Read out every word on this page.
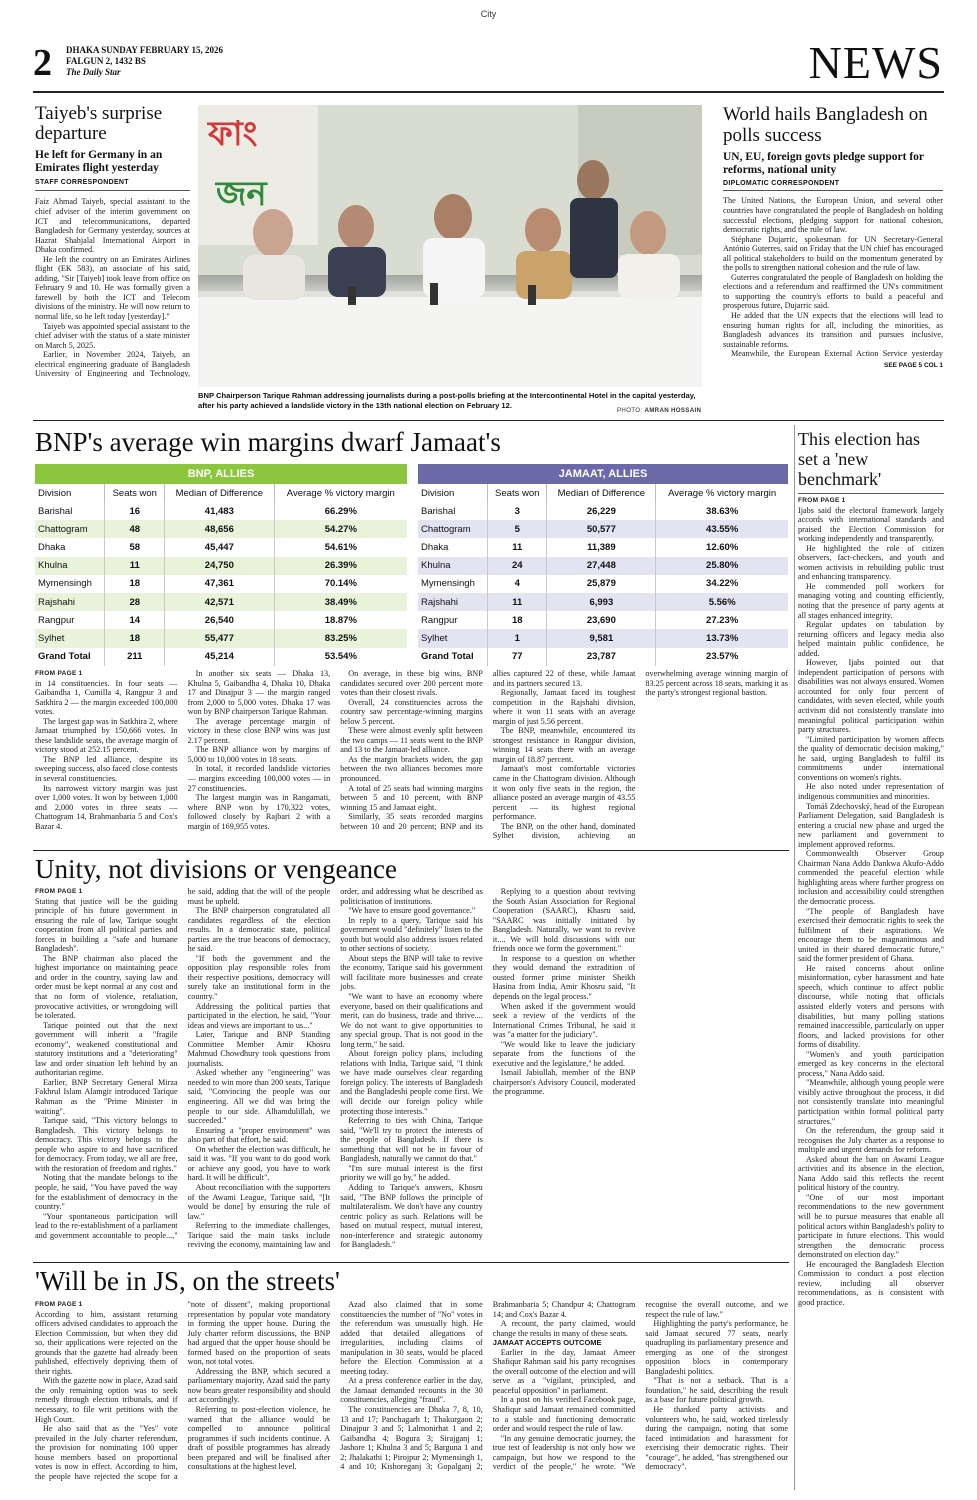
City
2 DHAKA SUNDAY FEBRUARY 15, 2026
FALGUN 2, 1432 BS
The Daily Star	NEWS
Taiyeb's surprise departure
He left for Germany in an Emirates flight yesterday
STAFF CORRESPONDENT

Faiz Ahmad Taiyeb, special assistant to the chief adviser of the interim government on ICT and telecommunications, departed Bangladesh for Germany yesterday, sources at Hazrat Shahjalal International Airport in Dhaka confirmed.

He left the country on an Emirates Airlines flight (EK 583), an associate of his said, adding, "Sir [Taiyeb] took leave from office on February 9 and 10. He was formally given a farewell by both the ICT and Telecom divisions of the ministry. He will now return to normal life, so he left today [yesterday]."

Taiyeb was appointed special assistant to the chief adviser with the status of a state minister on March 5, 2025.

Earlier, in November 2024, Taiyeb, an electrical engineering graduate of Bangladesh University of Engineering and Technology,

ফাং
জন
BNP Chairperson Tarique Rahman addressing journalists during a post-polls briefing at the Intercontinental Hotel in the capital yesterday, after his party achieved a landslide victory in the 13th national election on February 12.
PHOTO: AMRAN HOSSAIN
World hails Bangladesh on polls success
UN, EU, foreign govts pledge support for reforms, national unity
DIPLOMATIC CORRESPONDENT

The United Nations, the European Union, and several other countries have congratulated the people of Bangladesh on holding successful elections, pledging support for national cohesion, democratic rights, and the rule of law.

Stéphane Dujarric, spokesman for UN Secretary-General António Guterres, said on Friday that the UN chief has encouraged all political stakeholders to build on the momentum generated by the polls to strengthen national cohesion and the rule of law.

Guterres congratulated the people of Bangladesh on holding the elections and a referendum and reaffirmed the UN's commitment to supporting the country's efforts to build a peaceful and prosperous future, Dujarric said.

He added that the UN expects that the elections will lead to ensuring human rights for all, including the minorities, as Bangladesh advances its transition and pursues inclusive, sustainable reforms.

Meanwhile, the European External Action Service yesterday

SEE PAGE 5 COL 1
BNP's average win margins dwarf Jamaat's
BNP, ALLIES
Division	Seats won	Median of Difference	Average % victory margin
Barishal	16	41,483	66.29%
Chattogram	48	48,656	54.27%
Dhaka	58	45,447	54.61%
Khulna	11	24,750	26.39%
Mymensingh	18	47,361	70.14%
Rajshahi	28	42,571	38.49%
Rangpur	14	26,540	18.87%
Sylhet	18	55,477	83.25%
Grand Total	211	45,214	53.54%
JAMAAT, ALLIES
Division	Seats won	Median of Difference	Average % victory margin
Barishal	3	26,229	38.63%
Chattogram	5	50,577	43.55%
Dhaka	11	11,389	12.60%
Khulna	24	27,448	25.80%
Mymensingh	4	25,879	34.22%
Rajshahi	11	6,993	5.56%
Rangpur	18	23,690	27.23%
Sylhet	1	9,581	13.73%
Grand Total	77	23,787	23.57%
FROM PAGE 1

in 14 constituencies. In four seats — Gaibandha 1, Cumilla 4, Rangpur 3 and Satkhira 2 — the margin exceeded 100,000 votes.

The largest gap was in Satkhira 2, where Jamaat triumphed by 150,666 votes. In these landslide seats, the average margin of victory stood at 252.15 percent.

The BNP led alliance, despite its sweeping success, also faced close contests in several constituencies.

Its narrowest victory margin was just over 1,000 votes. It won by between 1,000 and 2,000 votes in three seats — Chattogram 14, Brahmanbaria 5 and Cox's Bazar 4.

In another six seats — Dhaka 13, Khulna 5, Gaibandha 4, Dhaka 10, Dhaka 17 and Dinajpur 3 — the margin ranged from 2,000 to 5,000 votes. Dhaka 17 was won by BNP chairperson Tarique Rahman.

The average percentage margin of victory in these close BNP wins was just 2.17 percent.

The BNP alliance won by margins of 5,000 to 10,000 votes in 18 seats.

In total, it recorded landslide victories — margins exceeding 100,000 votes — in 27 constituencies.

The largest margin was in Rangamati, where BNP won by 170,322 votes, followed closely by Rajbari 2 with a margin of 169,955 votes.

On average, in these big wins, BNP candidates secured over 200 percent more votes than their closest rivals.

Overall, 24 constituencies across the country saw percentage-winning margins below 5 percent.

These were almost evenly split between the two camps — 11 seats went to the BNP and 13 to the Jamaat-led alliance.

As the margin brackets widen, the gap between the two alliances becomes more pronounced.

A total of 25 seats had winning margins between 5 and 10 percent, with BNP winning 15 and Jamaat eight.

Similarly, 35 seats recorded margins between 10 and 20 percent; BNP and its allies captured 22 of these, while Jamaat and its partners secured 13.

Regionally, Jamaat faced its toughest competition in the Rajshahi division, where it won 11 seats with an average margin of just 5.56 percent.

The BNP, meanwhile, encountered its strongest resistance in Rangpur division, winning 14 seats there with an average margin of 18.87 percent.

Jamaat's most comfortable victories came in the Chattogram division. Although it won only five seats in the region, the alliance posted an average margin of 43.55 percent — its highest regional performance.

The BNP, on the other hand, dominated Sylhet division, achieving an overwhelming average winning margin of 83.25 percent across 18 seats, marking it as the party's strongest regional bastion.

Unity, not divisions or vengeance
FROM PAGE 1

Stating that justice will be the guiding principle of his future government in ensuring the rule of law, Tarique sought cooperation from all political parties and forces in building a "safe and humane Bangladesh".

The BNP chairman also placed the highest importance on maintaining peace and order in the country, saying law and order must be kept normal at any cost and that no form of violence, retaliation, provocative activities, or wrongdoing will be tolerated.

Tarique pointed out that the next government will inherit a "fragile economy", weakened constitutional and statutory institutions and a "deteriorating" law and order situation left behind by an authoritarian regime.

Earlier, BNP Secretary General Mirza Fakhrul Islam Alamgir introduced Tarique Rahman as the "Prime Minister in waiting".

Tarique said, "This victory belongs to Bangladesh. This victory belongs to democracy. This victory belongs to the people who aspire to and have sacrificed for democracy. From today, we all are free, with the restoration of freedom and rights."

Noting that the mandate belongs to the people, he said, "You have paved the way for the establishment of democracy in the country."

"Your spontaneous participation will lead to the re-establishment of a parliament and government accountable to people...," he said, adding that the will of the people must be upheld.

The BNP chairperson congratulated all candidates regardless of the election results. In a democratic state, political parties are the true beacons of democracy, he said.

"If both the government and the opposition play responsible roles from their respective positions, democracy will surely take an institutional form in the country."

Addressing the political parties that participated in the election, he said, "Your ideas and views are important to us..."

Later, Tarique and BNP Standing Committee Member Amir Khosru Mahmud Chowdhury took questions from journalists.

Asked whether any "engineering" was needed to win more than 200 seats, Tarique said, "Convincing the people was our engineering. All we did was bring the people to our side. Alhamdulillah, we succeeded."

Ensuring a "proper environment" was also part of that effort, he said.

On whether the election was difficult, he said it was. "If you want to do good work or achieve any good, you have to work hard. It will be difficult".

About reconciliation with the supporters of the Awami League, Tarique said, "[It would be done] by ensuring the rule of law."

Referring to the immediate challenges, Tarique said the main tasks include reviving the economy, maintaining law and order, and addressing what he described as politicisation of institutions.

"We have to ensure good governance."

In reply to a query, Tarique said his government would "definitely" listen to the youth but would also address issues related to other sections of society.

About steps the BNP will take to revive the economy, Tarique said his government will facilitate more businesses and create jobs.

"We want to have an economy where everyone, based on their qualifications and merit, can do business, trade and thrive.... We do not want to give opportunities to any special group. That is not good in the long term," he said.

About foreign policy plans, including relations with India, Tarique said, "I think we have made ourselves clear regarding foreign policy. The interests of Bangladesh and the Bangladeshi people come first. We will decide our foreign policy while protecting those interests."

Referring to ties with China, Tarique said, "We'll try to protect the interests of the people of Bangladesh. If there is something that will not be in favour of Bangladesh, naturally we cannot do that."

"I'm sure mutual interest is the first priority we will go by," he added.

Adding to Tarique's answers, Khosru said, "The BNP follows the principle of multilateralism. We don't have any country centric policy as such. Relations will be based on mutual respect, mutual interest, non-interference and strategic autonomy for Bangladesh."

Replying to a question about reviving the South Asian Association for Regional Cooperation (SAARC), Khasru said, "SAARC was initially initiated by Bangladesh. Naturally, we want to revive it.... We will hold discussions with our friends once we form the government."

In response to a question on whether they would demand the extradition of ousted former prime minister Sheikh Hasina from India, Amir Khosru said, "It depends on the legal process."

When asked if the government would seek a review of the verdicts of the International Crimes Tribunal, he said it was "a matter for the judiciary".

"We would like to leave the judiciary separate from the functions of the executive and the legislature," he added.

Ismail Jabiullah, member of the BNP chairperson's Advisory Council, moderated the programme.

'Will be in JS, on the streets'
FROM PAGE 1

According to him, assistant returning officers advised candidates to approach the Election Commission, but when they did so, their applications were rejected on the grounds that the gazette had already been published, effectively depriving them of their rights.

With the gazette now in place, Azad said the only remaining option was to seek remedy through election tribunals, and if necessary, to file writ petitions with the High Court.

He also said that as the "Yes" vote prevailed in the July charter referendum, the provision for nominating 100 upper house members based on proportional votes is now in effect. According to him, the people have rejected the scope for a "note of dissent", making proportional representation by popular vote mandatory in forming the upper house. During the July charter reform discussions, the BNP had argued that the upper house should be formed based on the proportion of seats won, not total votes.

Addressing the BNP, which secured a parliamentary majority, Azad said the party now bears greater responsibility and should act accordingly.

Referring to post-election violence, he warned that the alliance would be compelled to announce political programmes if such incidents continue. A draft of possible programmes has already been prepared and will be finalised after consultations at the highest level.

Azad also claimed that in some constituencies the number of "No" votes in the referendum was unusually high. He added that detailed allegations of irregularities, including claims of manipulation in 30 seats, would be placed before the Election Commission at a meeting today.

At a press conference earlier in the day, the Jamaat demanded recounts in the 30 constituencies, alleging "fraud".

The constituencies are Dhaka 7, 8, 10, 13 and 17; Panchagarh 1; Thakurgaon 2; Dinajpur 3 and 5; Lalmonirhat 1 and 2; Gaibandha 4; Bogura 3; Sirajganj 1; Jashore 1; Khulna 3 and 5; Barguna 1 and 2; Jhalakathi 1; Pirojpur 2; Mymensingh 1, 4 and 10; Kishoreganj 3; Gopalganj 2; Brahmanbaria 5; Chandpur 4; Chattogram 14; and Cox's Bazar 4.

A recount, the party claimed, would change the results in many of these seats.

JAMAAT ACCEPTS OUTCOME

Earlier in the day, Jamaat Ameer Shafiqur Rahman said his party recognises the overall outcome of the election and will serve as a "vigilant, principled, and peaceful opposition" in parliament.

In a post on his verified Facebook page, Shafiqur said Jamaat remained committed to a stable and functioning democratic order and would respect the rule of law.

"In any genuine democratic journey, the true test of leadership is not only how we campaign, but how we respond to the verdict of the people," he wrote. "We recognise the overall outcome, and we respect the rule of law."

Highlighting the party's performance, he said Jamaat secured 77 seats, nearly quadrupling its parliamentary presence and emerging as one of the strongest opposition blocs in contemporary Bangladeshi politics.

"That is not a setback. That is a foundation," he said, describing the result as a base for future political growth.

He thanked party activists and volunteers who, he said, worked tirelessly during the campaign, noting that some faced intimidation and harassment for exercising their democratic rights. Their "courage", he added, "has strengthened our democracy".

This election has set a 'new benchmark'
FROM PAGE 1

Ijabs said the electoral framework largely accords with international standards and praised the Election Commission for working independently and transparently.

He highlighted the role of citizen observers, fact-checkers, and youth and women activists in rebuilding public trust and enhancing transparency.

He commended poll workers for managing voting and counting efficiently, noting that the presence of party agents at all stages enhanced integrity.

Regular updates on tabulation by returning officers and legacy media also helped maintain public confidence, he added.

However, Ijabs pointed out that independent participation of persons with disabilities was not always ensured. Women accounted for only four percent of candidates, with seven elected, while youth activism did not consistently translate into meaningful political participation within party structures.

"Limited participation by women affects the quality of democratic decision making," he said, urging Bangladesh to fulfil its commitments under international conventions on women's rights.

He also noted under representation of indigenous communities and minorities.

Tomáš Zdechovský, head of the European Parliament Delegation, said Bangladesh is entering a crucial new phase and urged the new parliament and government to implement approved reforms.

Commonwealth Observer Group Chairman Nana Addo Dankwa Akufo-Addo commended the peaceful election while highlighting areas where further progress on inclusion and accessibility could strengthen the democratic process.

"The people of Bangladesh have exercised their democratic rights to seek the fulfilment of their aspirations. We encourage them to be magnanimous and united in their shared democratic future," said the former president of Ghana.

He raised concerns about online misinformation, cyber harassment and hate speech, which continue to affect public discourse, while noting that officials assisted elderly voters and persons with disabilities, but many polling stations remained inaccessible, particularly on upper floors, and lacked provisions for other forms of disability.

"Women's and youth participation emerged as key concerns in the electoral process," Nana Addo said.

"Meanwhile, although young people were visibly active throughout the process, it did not consistently translate into meaningful participation within formal political party structures."

On the referendum, the group said it recognises the July charter as a response to multiple and urgent demands for reform.

Asked about the ban on Awami League activities and its absence in the election, Nana Addo said this reflects the recent political history of the country.

"One of our most important recommendations to the new government will be to pursue measures that enable all political actors within Bangladesh's polity to participate in future elections. This would strengthen the democratic process demonstrated on election day."

He encouraged the Bangladesh Election Commission to conduct a post election review, including all observer recommendations, as is consistent with good practice.
